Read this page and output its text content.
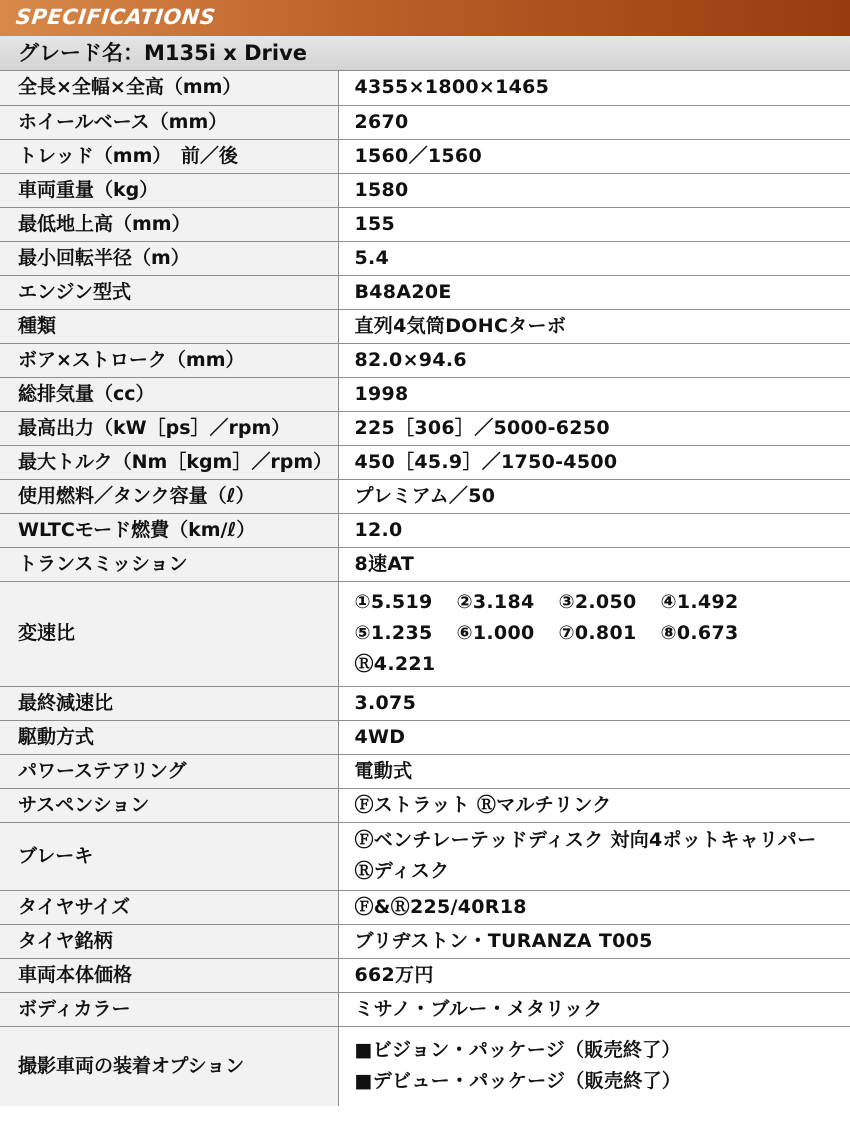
SPECIFICATIONS
グレード名：M135i x Drive
全長×全幅×全高（mm）	4355×1800×1465
ホイールベース（mm）	2670
トレッド（mm）　前／後	1560／1560
車両重量（kg）	1580
最低地上高（mm）	155
最小回転半径（m）	5.4
エンジン型式	B48A20E
種類	直列4気筒DOHCターボ
ボア×ストローク（mm）	82.0×94.6
総排気量（cc）	1998
最高出力（kW［ps］／rpm）	225［306］／5000-6250
最大トルク（Nm［kgm］／rpm）	450［45.9］／1750-4500
使用燃料／タンク容量（ℓ）	プレミアム／50
WLTCモード燃費（km/ℓ）	12.0
トランスミッション	8速AT
変速比	①5.519 ②3.184 ③2.050 ④1.492
⑤1.235 ⑥1.000 ⑦0.801 ⑧0.673
Ⓡ4.221

最終減速比	3.075
駆動方式	4WD
パワーステアリング	電動式
サスペンション	Ⓕストラット Ⓡマルチリンク
ブレーキ	Ⓕベンチレーテッドディスク 対向4ポットキャリパー
Ⓡディスク

タイヤサイズ	Ⓕ&Ⓡ225/40R18
タイヤ銘柄	ブリヂストン・TURANZA T005
車両本体価格	662万円
ボディカラー	ミサノ・ブルー・メタリック
撮影車両の装着オプション	■ビジョン・パッケージ（販売終了）
■デビュー・パッケージ（販売終了）
